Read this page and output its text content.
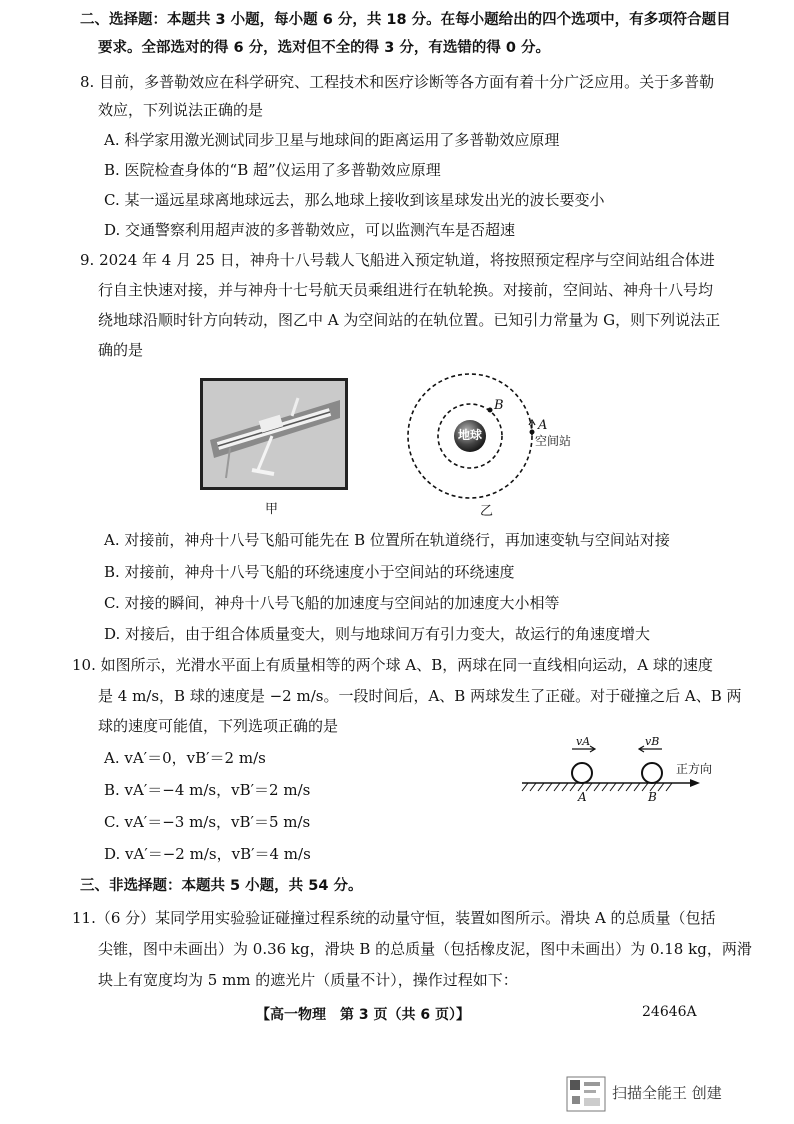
二、选择题：本题共 3 小题，每小题 6 分，共 18 分。在每小题给出的四个选项中，有多项符合题目
要求。全部选对的得 6 分，选对但不全的得 3 分，有选错的得 0 分。
8. 目前，多普勒效应在科学研究、工程技术和医疗诊断等各方面有着十分广泛应用。关于多普勒
效应，下列说法正确的是
A. 科学家用激光测试同步卫星与地球间的距离运用了多普勒效应原理
B. 医院检查身体的“B 超”仪运用了多普勒效应原理
C. 某一遥远星球离地球远去，那么地球上接收到该星球发出光的波长要变小
D. 交通警察利用超声波的多普勒效应，可以监测汽车是否超速
9. 2024 年 4 月 25 日，神舟十八号载人飞船进入预定轨道，将按照预定程序与空间站组合体进
行自主快速对接，并与神舟十七号航天员乘组进行在轨轮换。对接前，空间站、神舟十八号均
绕地球沿顺时针方向转动，图乙中 A 为空间站的在轨位置。已知引力常量为 G，则下列说法正
确的是
甲
地球
B
A
空间站
乙
A. 对接前，神舟十八号飞船可能先在 B 位置所在轨道绕行，再加速变轨与空间站对接
B. 对接前，神舟十八号飞船的环绕速度小于空间站的环绕速度
C. 对接的瞬间，神舟十八号飞船的加速度与空间站的加速度大小相等
D. 对接后，由于组合体质量变大，则与地球间万有引力变大，故运行的角速度增大
10. 如图所示，光滑水平面上有质量相等的两个球 A、B，两球在同一直线相向运动，A 球的速度
是 4 m/s，B 球的速度是 −2 m/s。一段时间后，A、B 两球发生了正碰。对于碰撞之后 A、B 两
球的速度可能值，下列选项正确的是
A. vA′＝0，vB′＝2 m/s
B. vA′＝−4 m/s，vB′＝2 m/s
C. vA′＝−3 m/s，vB′＝5 m/s
D. vA′＝−2 m/s，vB′＝4 m/s
vA	vB
正方向
A	B
三、非选择题：本题共 5 小题，共 54 分。
11.（6 分）某同学用实验验证碰撞过程系统的动量守恒，装置如图所示。滑块 A 的总质量（包括
尖锥，图中未画出）为 0.36 kg，滑块 B 的总质量（包括橡皮泥，图中未画出）为 0.18 kg，两滑
块上有宽度均为 5 mm 的遮光片（质量不计），操作过程如下：
【高一物理　第 3 页（共 6 页）】	24646A
扫描全能王 创建
